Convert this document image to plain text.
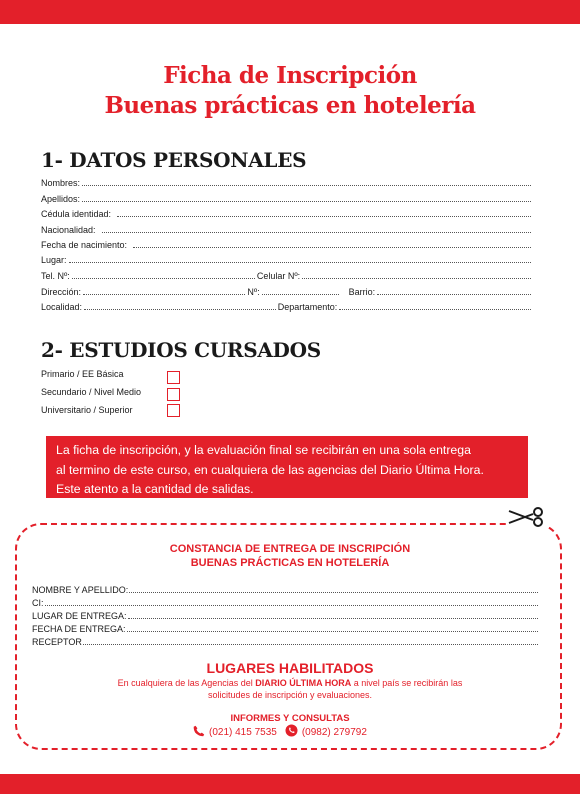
Ficha de Inscripción
Buenas prácticas en hotelería
1- DATOS PERSONALES
Nombres:
Apellidos:
Cédula identidad:
Nacionalidad:
Fecha de nacimiento:
Lugar:
Tel. Nº:	Celular Nº:
Dirección:	Nº:	Barrio:
Localidad:	Departamento:
2- ESTUDIOS CURSADOS
Primario / EE Básica
Secundario / Nivel Medio
Universitario / Superior
La ficha de inscripción, y la evaluación final se recibirán en una sola entrega
al termino de este curso, en cualquiera de las agencias del Diario Última Hora.
Este atento a la cantidad de salidas.
CONSTANCIA DE ENTREGA DE INSCRIPCIÓN
BUENAS PRÁCTICAS EN HOTELERÍA
NOMBRE Y APELLIDO:
CI:
LUGAR DE ENTREGA:
FECHA DE ENTREGA:
RECEPTOR
LUGARES HABILITADOS
En cualquiera de las Agencias del DIARIO ÚLTIMA HORA a nivel país se recibirán las
solicitudes de inscripción y evaluaciones.
INFORMES Y CONSULTAS
(021) 415 7535	(0982) 279792
